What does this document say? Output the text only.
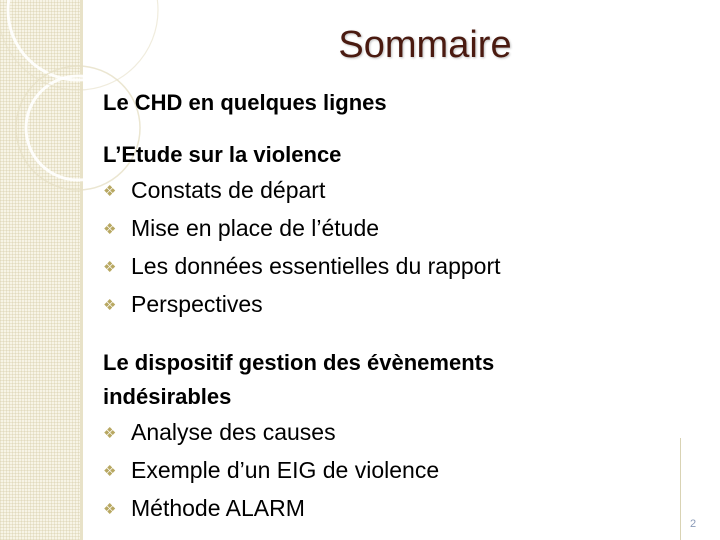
Sommaire

Le CHD en quelques lignes

L’Etude sur la violence

❖ Constats de départ

❖ Mise en place de l’étude

❖ Les données essentielles du rapport

❖ Perspectives

Le dispositif gestion des évènements
indésirables

❖ Analyse des causes

❖ Exemple d’un EIG de violence

❖ Méthode ALARM

2
